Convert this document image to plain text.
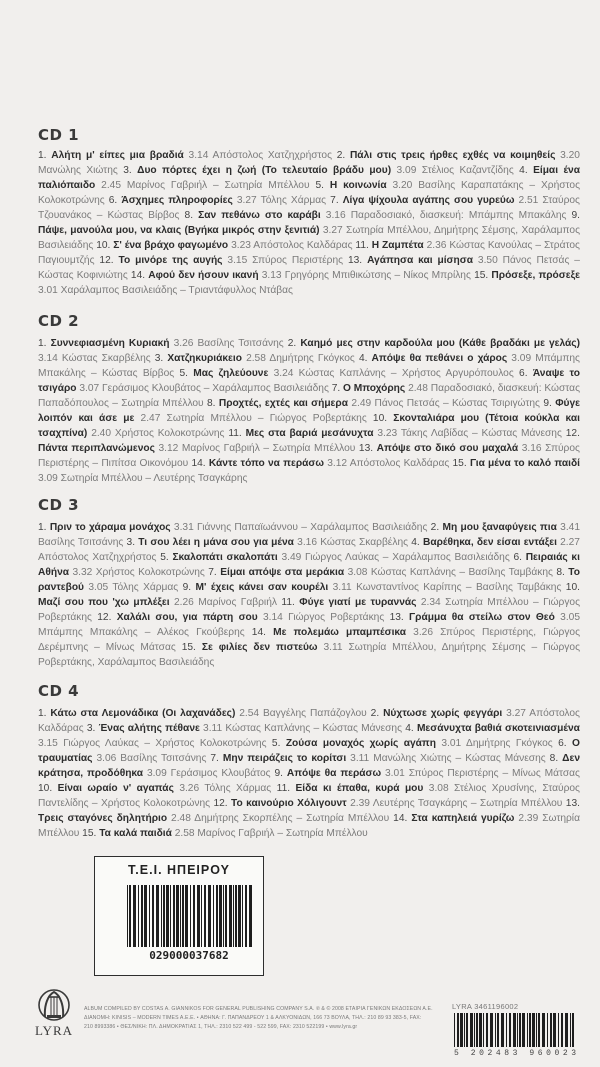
CD 1
1. Αλήτη μ' είπες μια βραδιά 3.14 Απόστολος Χατζηχρήστος 2. Πάλι στις τρεις ήρθες εχθές να κοιμηθείς 3.20 Μανώλης Χιώτης 3. Δυο πόρτες έχει η ζωή (Το τελευταίο βράδυ μου) 3.09 Στέλιος Καζαντζίδης 4. Είμαι ένα παλιόπαιδο 2.45 Μαρίνος Γαβριήλ – Σωτηρία Μπέλλου 5. Η κοινωνία 3.20 Βασίλης Καραπατάκης – Χρήστος Κολοκοτρώνης 6. Άσχημες πληροφορίες 3.27 Τόλης Χάρμας 7. Λίγα ψίχουλα αγάπης σου γυρεύω 2.51 Σταύρος Τζουανάκος – Κώστας Βίρβος 8. Σαν πεθάνω στο καράβι 3.16 Παραδοσιακό, διασκευή: Μπάμπης Μπακάλης 9. Πάψε, μανούλα μου, να κλαις (Βγήκα μικρός στην ξενιτιά) 3.27 Σωτηρία Μπέλλου, Δημήτρης Σέμσης, Χαράλαμπος Βασιλειάδης 10. Σ' ένα βράχο φαγωμένο 3.23 Απόστολος Καλδάρας 11. Η Ζαμπέτα 2.36 Κώστας Κανούλας – Στράτος Παγιουμτζής 12. Το μινόρε της αυγής 3.15 Σπύρος Περιστέρης 13. Αγάπησα και μίσησα 3.50 Πάνος Πετσάς – Κώστας Κοφινιώτης 14. Αφού δεν ήσουν ικανή 3.13 Γρηγόρης Μπιθικώτσης – Νίκος Μπρίλης 15. Πρόσεξε, πρόσεξε 3.01 Χαράλαμπος Βασιλειάδης – Τριαντάφυλλος Ντάβας
CD 2
1. Συννεφιασμένη Κυριακή 3.26 Βασίλης Τσιτσάνης 2. Καημό μες στην καρδούλα μου (Κάθε βραδάκι με γελάς) 3.14 Κώστας Σκαρβέλης 3. Χατζηκυριάκειο 2.58 Δημήτρης Γκόγκος 4. Απόψε θα πεθάνει ο χάρος 3.09 Μπάμπης Μπακάλης – Κώστας Βίρβος 5. Μας ζηλεύουνε 3.24 Κώστας Καπλάνης – Χρήστος Αργυρόπουλος 6. Άναψε το τσιγάρο 3.07 Γεράσιμος Κλουβάτος – Χαράλαμπος Βασιλειάδης 7. Ο Μποχόρης 2.48 Παραδοσιακό, διασκευή: Κώστας Παπαδόπουλος – Σωτηρία Μπέλλου 8. Προχτές, εχτές και σήμερα 2.49 Πάνος Πετσάς – Κώστας Τσιριγώτης 9. Φύγε λοιπόν και άσε με 2.47 Σωτηρία Μπέλλου – Γιώργος Ροβερτάκης 10. Σκονταλιάρα μου (Τέτοια κούκλα και τσαχπίνα) 2.40 Χρήστος Κολοκοτρώνης 11. Μες στα βαριά μεσάνυχτα 3.23 Τάκης Λαβίδας – Κώστας Μάνεσης 12. Πάντα περιπλανώμενος 3.12 Μαρίνος Γαβριήλ – Σωτηρία Μπέλλου 13. Απόψε στο δικό σου μαχαλά 3.16 Σπύρος Περιστέρης – Πιπίτσα Οικονόμου 14. Κάντε τόπο να περάσω 3.12 Απόστολος Καλδάρας 15. Για μένα το καλό παιδί 3.09 Σωτηρία Μπέλλου – Λευτέρης Τσαγκάρης
CD 3
1. Πριν το χάραμα μονάχος 3.31 Γιάννης Παπαϊωάννου – Χαράλαμπος Βασιλειάδης 2. Μη μου ξαναφύγεις πια 3.41 Βασίλης Τσιτσάνης 3. Τι σου λέει η μάνα σου για μένα 3.16 Κώστας Σκαρβέλης 4. Βαρέθηκα, δεν είσαι εντάξει 2.27 Απόστολος Χατζηχρήστος 5. Σκαλοπάτι σκαλοπάτι 3.49 Γιώργος Λαύκας – Χαράλαμπος Βασιλειάδης 6. Πειραιάς κι Αθήνα 3.32 Χρήστος Κολοκοτρώνης 7. Είμαι απόψε στα μεράκια 3.08 Κώστας Καπλάνης – Βασίλης Ταμβάκης 8. Το ραντεβού 3.05 Τόλης Χάρμας 9. Μ' έχεις κάνει σαν κουρέλι 3.11 Κωνσταντίνος Καρίπης – Βασίλης Ταμβάκης 10. Μαζί σου που 'χω μπλέξει 2.26 Μαρίνος Γαβριήλ 11. Φύγε γιατί με τυραννάς 2.34 Σωτηρία Μπέλλου – Γιώργος Ροβερτάκης 12. Χαλάλι σου, για πάρτη σου 3.14 Γιώργος Ροβερτάκης 13. Γράμμα θα στείλω στον Θεό 3.05 Μπάμπης Μπακάλης – Αλέκος Γκούβερης 14. Με πολεμάω μπαμπέσικα 3.26 Σπύρος Περιστέρης, Γιώργος Δερέμπνης – Μίνως Μάτσας 15. Σε φιλίες δεν πιστεύω 3.11 Σωτηρία Μπέλλου, Δημήτρης Σέμσης – Γιώργος Ροβερτάκης, Χαράλαμπος Βασιλειάδης
CD 4
1. Κάτω στα Λεμονάδικα (Οι λαχανάδες) 2.54 Βαγγέλης Παπάζογλου 2. Νύχτωσε χωρίς φεγγάρι 3.27 Απόστολος Καλδάρας 3. Ένας αλήτης πέθανε 3.11 Κώστας Καπλάνης – Κώστας Μάνεσης 4. Μεσάνυχτα βαθιά σκοτεινιασμένα 3.15 Γιώργος Λαύκας – Χρήστος Κολοκοτρώνης 5. Ζούσα μοναχός χωρίς αγάπη 3.01 Δημήτρης Γκόγκος 6. Ο τραυματίας 3.06 Βασίλης Τσιτσάνης 7. Μην πειράζεις το κορίτσι 3.11 Μανώλης Χιώτης – Κώστας Μάνεσης 8. Δεν κράτησα, προδόθηκα 3.09 Γεράσιμος Κλουβάτος 9. Απόψε θα περάσω 3.01 Σπύρος Περιστέρης – Μίνως Μάτσας 10. Είναι ωραίο ν' αγαπάς 3.26 Τόλης Χάρμας 11. Είδα κι έπαθα, κυρά μου 3.08 Στέλιος Χρυσίνης, Σταύρος Παντελίδης – Χρήστος Κολοκοτρώνης 12. Το καινούριο Χόλιγουντ 2.39 Λευτέρης Τσαγκάρης – Σωτηρία Μπέλλου 13. Τρεις σταγόνες δηλητήριο 2.48 Δημήτρης Σκορπέλης – Σωτηρία Μπέλλου 14. Στα καπηλειά γυρίζω 2.39 Σωτηρία Μπέλλου 15. Τα καλά παιδιά 2.58 Μαρίνος Γαβριήλ – Σωτηρία Μπέλλου
Τ.Ε.Ι. ΗΠΕΙΡΟΥ
029000037682
LYRA
ALBUM COMPILED BY COSTAS A. GIANNIKOS FOR GENERAL PUBLISHING COMPANY S.A. ℗ & © 2008 ΕΤΑΙΡΙΑ ΓΕΝΙΚΩΝ ΕΚΔΟΣΕΩΝ Α.Ε.
ΔΙΑΝΟΜΗ: KINISIS – MODERN TIMES A.E.E. • ΑΘΗΝΑ: Γ. ΠΑΠΑΝΔΡΕΟΥ 1 & ΑΛΚΥΟΝΙΔΩΝ, 166 73 ΒΟΥΛΑ, ΤΗΛ.: 210 89 93 383-5, FAX:
210 8993386 • ΘΕΣ/ΝΙΚΗ: ΠΛ. ΔΗΜΟΚΡΑΤΙΑΣ 1, ΤΗΛ.: 2310 522 499 - 522 599, FAX: 2310 522199 • www.lyra.gr
LYRA 3461196002
5 202483 960023
